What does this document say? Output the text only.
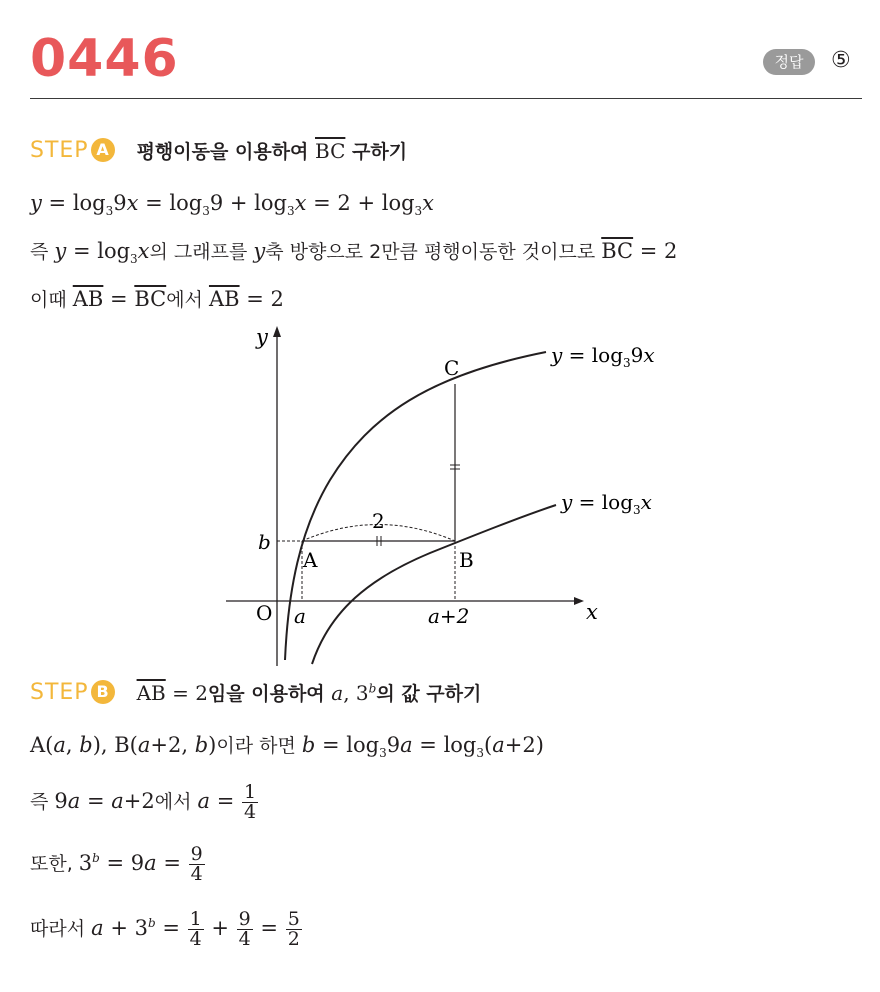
0446	정답	⑤
STEP A	평행이동을 이용하여 $\overline{BC}$ 구하기
$y = \log_39x = \log_39 + \log_3x = 2 + \log_3x$
즉 $y = \log_3x$의 그래프를 y축 방향으로 2만큼 평행이동한 것이므로 $\overline{BC} = 2$
이때 $\overline{AB} = \overline{BC}$에서 $\overline{AB} = 2$
y
x
O
b
a	a+2
A	B
C
2
$y = \log_39x$
$y = \log_3x$
STEP B $\overline{AB} = 2$임을 이용하여 a, 3$^b$의 값 구하기
A(a, b), B(a+2, b)이라 하면 $b = \log_39a = \log_3(a+2)$
즉 9a = a+2에서 $a = \frac{1}{4}$
또한, $3^b = 9a = \frac{9}{4}$
따라서 $a + 3^b = \frac{1}{4} + \frac{9}{4} = \frac{5}{2}$
